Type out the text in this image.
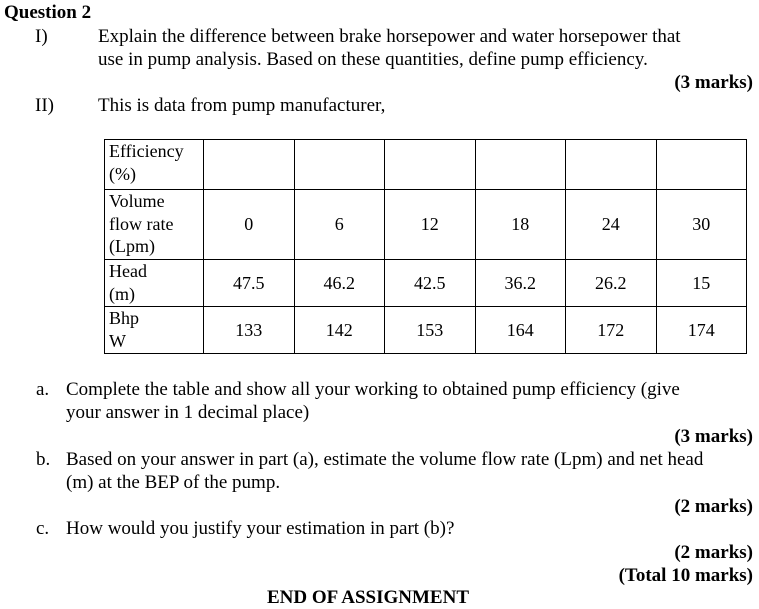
Question 2
I)	Explain the difference between brake horsepower and water horsepower that
use in pump analysis. Based on these quantities, define pump efficiency.
(3 marks)
II) This is data from pump manufacturer,
Efficiency
(%)						

Volume
flow rate
(Lpm)	0	6	12	18	24	30

Head
(m)	47.5	46.2	42.5	36.2	26.2	15

Bhp
W	133	142	153	164	172	174
a. Complete the table and show all your working to obtained pump efficiency (give
your answer in 1 decimal place)
(3 marks)
b. Based on your answer in part (a), estimate the volume flow rate (Lpm) and net head
(m) at the BEP of the pump.
(2 marks)
c. How would you justify your estimation in part (b)?
(2 marks)
(Total 10 marks)
END OF ASSIGNMENT
